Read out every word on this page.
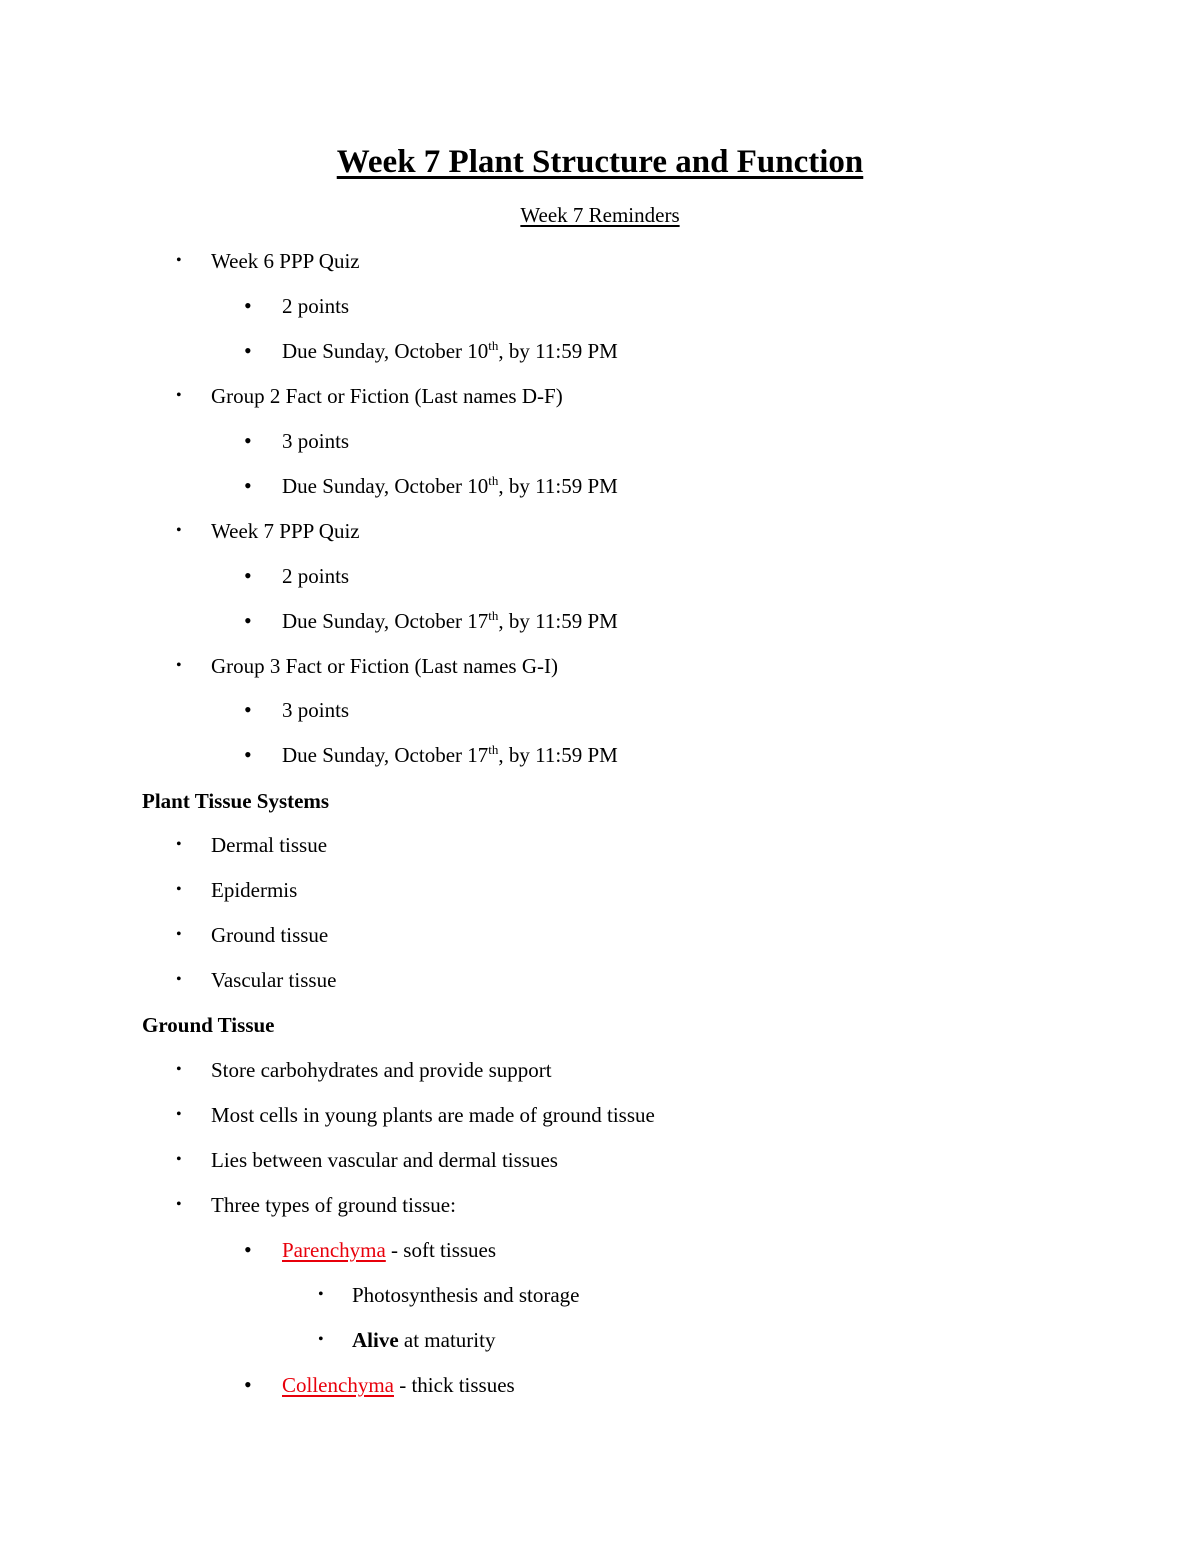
Week 7 Plant Structure and Function
Week 7 Reminders
• Week 6 PPP Quiz
• 2 points
• Due Sunday, October 10th, by 11:59 PM
• Group 2 Fact or Fiction (Last names D-F)
• 3 points
• Due Sunday, October 10th, by 11:59 PM
• Week 7 PPP Quiz
• 2 points
• Due Sunday, October 17th, by 11:59 PM
• Group 3 Fact or Fiction (Last names G-I)
• 3 points
• Due Sunday, October 17th, by 11:59 PM
Plant Tissue Systems
• Dermal tissue
• Epidermis
• Ground tissue
• Vascular tissue
Ground Tissue
• Store carbohydrates and provide support
• Most cells in young plants are made of ground tissue
• Lies between vascular and dermal tissues
• Three types of ground tissue:
• Parenchyma - soft tissues
• Photosynthesis and storage
• Alive at maturity
• Collenchyma - thick tissues
